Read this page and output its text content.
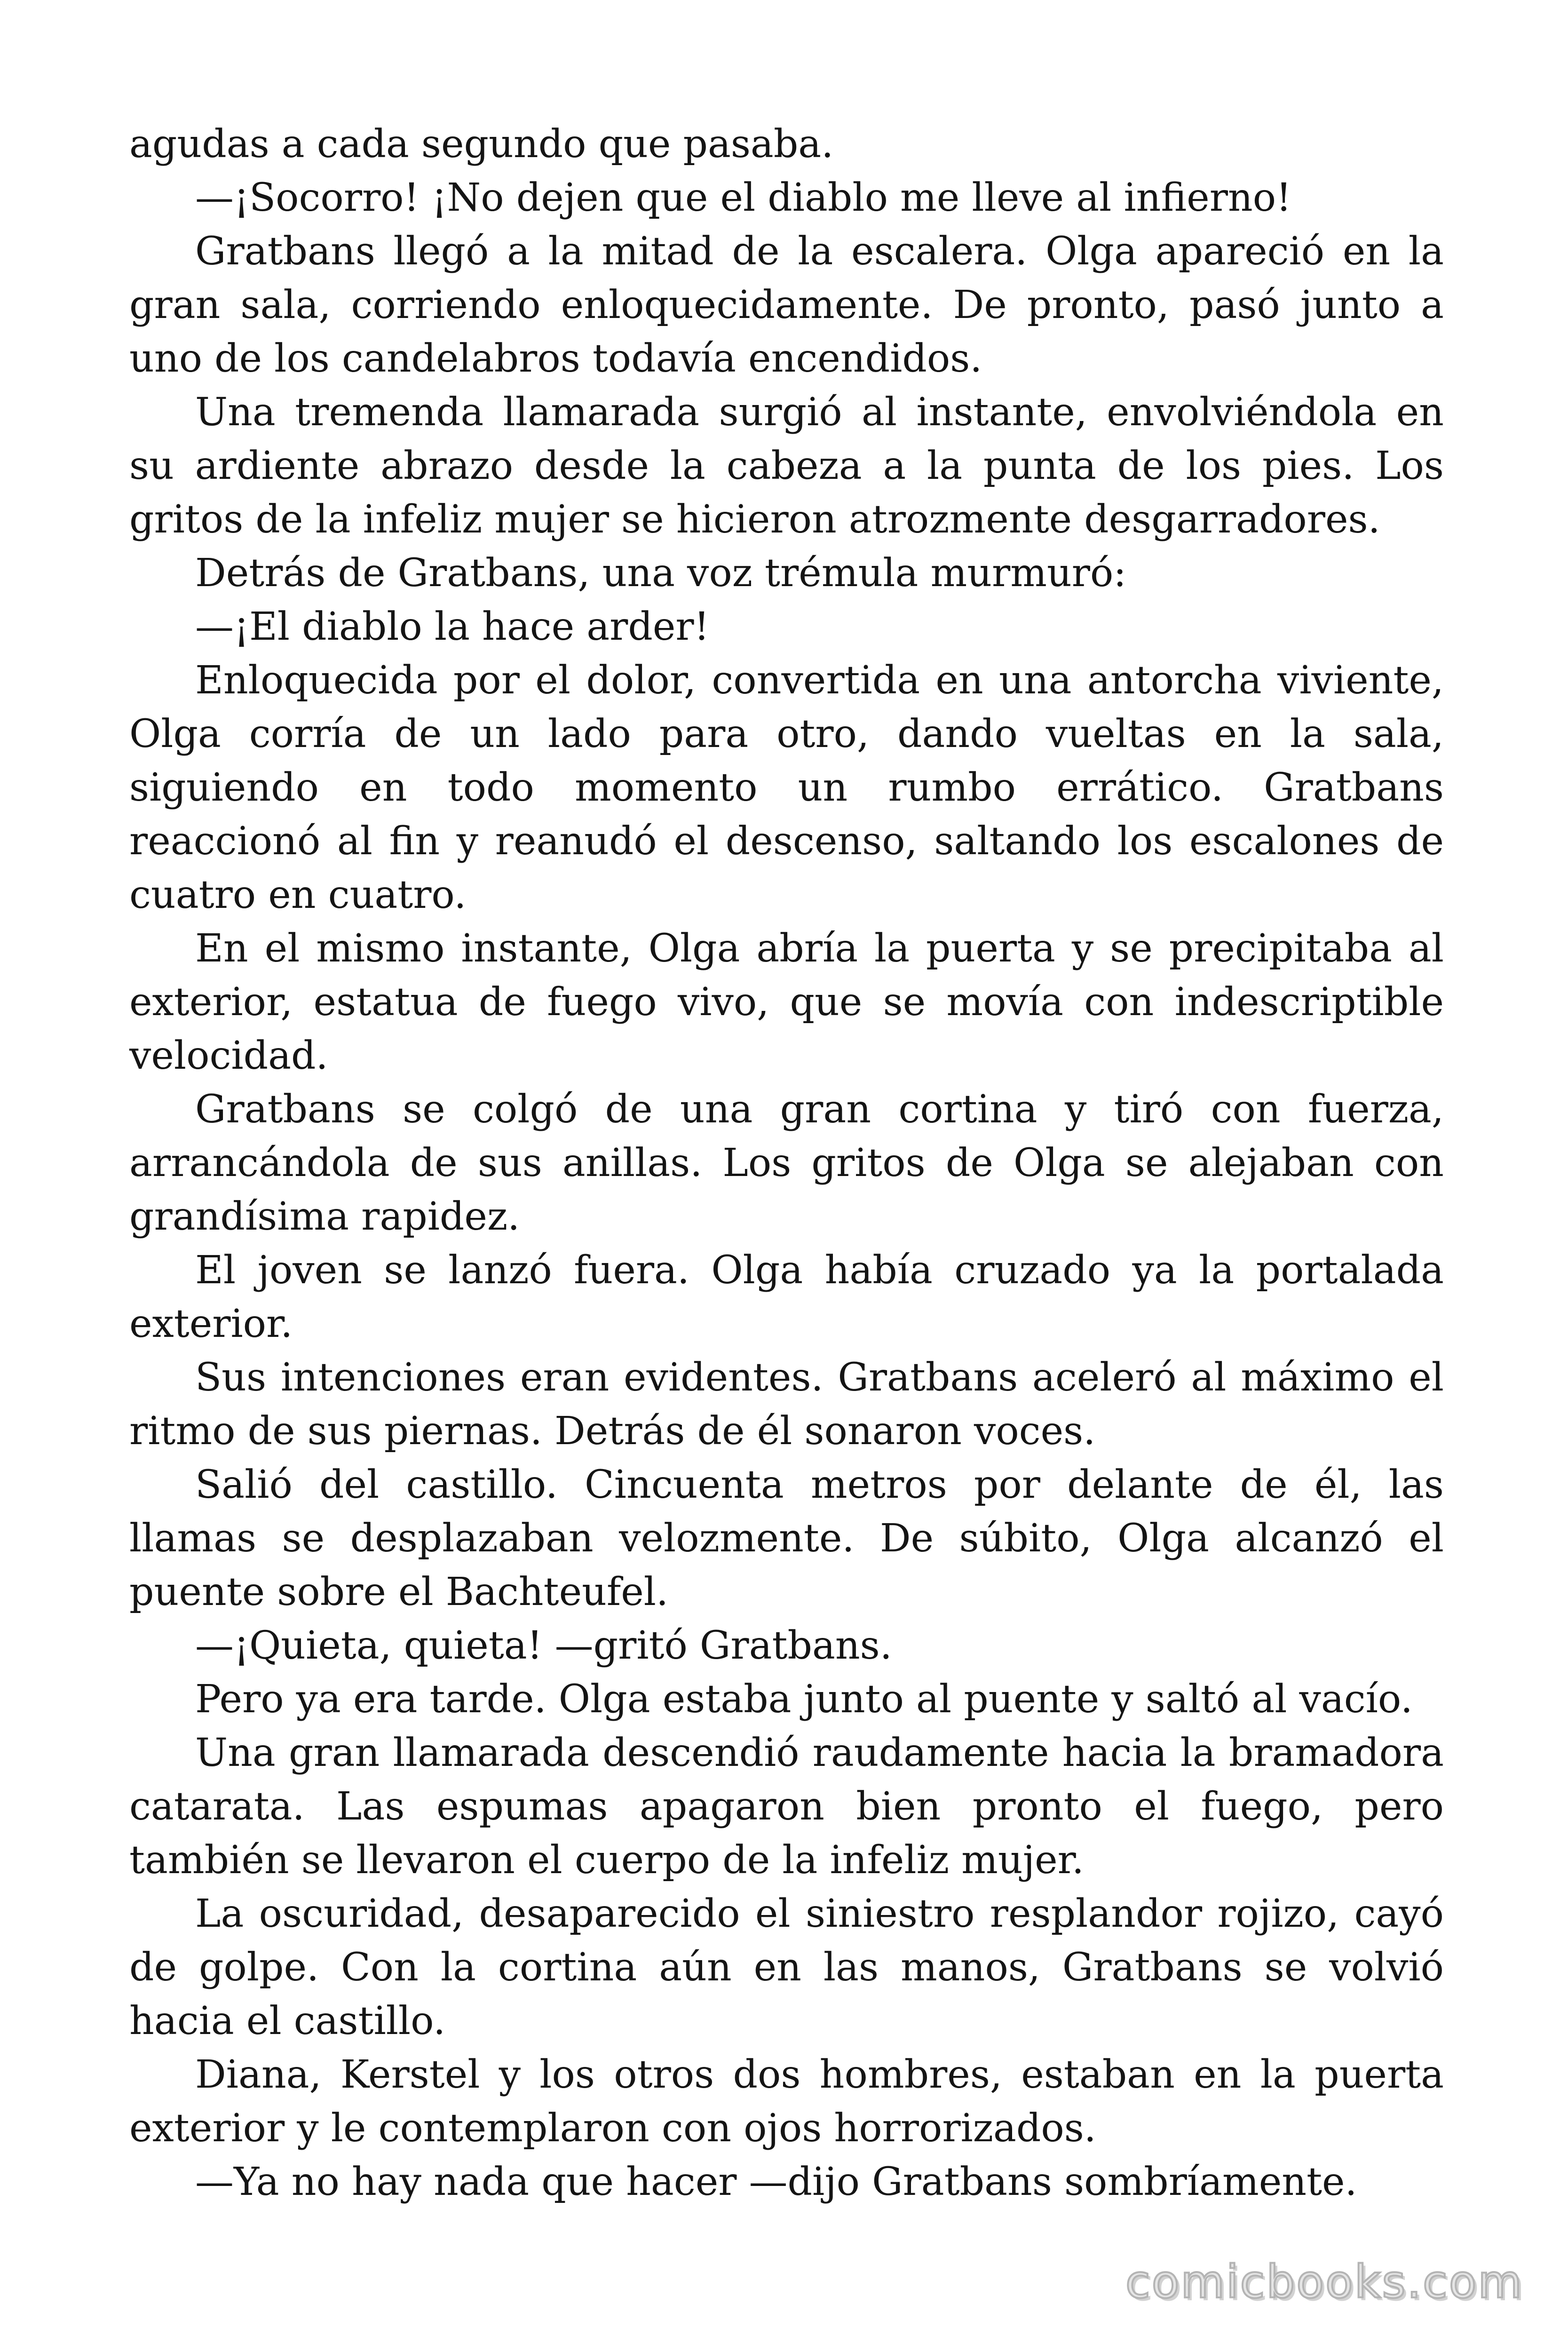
agudas a cada segundo que pasaba.

—¡Socorro! ¡No dejen que el diablo me lleve al infierno!

Gratbans llegó a la mitad de la escalera. Olga apareció en la gran sala, corriendo enloquecidamente. De pronto, pasó junto a uno de los candelabros todavía encendidos.

Una tremenda llamarada surgió al instante, envolviéndola en su ardiente abrazo desde la cabeza a la punta de los pies. Los gritos de la infeliz mujer se hicieron atrozmente desgarradores.

Detrás de Gratbans, una voz trémula murmuró:

—¡El diablo la hace arder!

Enloquecida por el dolor, convertida en una antorcha viviente, Olga corría de un lado para otro, dando vueltas en la sala, siguiendo en todo momento un rumbo errático. Gratbans reaccionó al fin y reanudó el descenso, saltando los escalones de cuatro en cuatro.

En el mismo instante, Olga abría la puerta y se precipitaba al exterior, estatua de fuego vivo, que se movía con indescriptible velocidad.

Gratbans se colgó de una gran cortina y tiró con fuerza, arrancándola de sus anillas. Los gritos de Olga se alejaban con grandísima rapidez.

El joven se lanzó fuera. Olga había cruzado ya la portalada exterior.

Sus intenciones eran evidentes. Gratbans aceleró al máximo el ritmo de sus piernas. Detrás de él sonaron voces.

Salió del castillo. Cincuenta metros por delante de él, las llamas se desplazaban velozmente. De súbito, Olga alcanzó el puente sobre el Bachteufel.

—¡Quieta, quieta! —gritó Gratbans.

Pero ya era tarde. Olga estaba junto al puente y saltó al vacío.

Una gran llamarada descendió raudamente hacia la bramadora catarata. Las espumas apagaron bien pronto el fuego, pero también se llevaron el cuerpo de la infeliz mujer.

La oscuridad, desaparecido el siniestro resplandor rojizo, cayó de golpe. Con la cortina aún en las manos, Gratbans se volvió hacia el castillo.

Diana, Kerstel y los otros dos hombres, estaban en la puerta exterior y le contemplaron con ojos horrorizados.

—Ya no hay nada que hacer —dijo Gratbans sombríamente.

comicbooks.com
